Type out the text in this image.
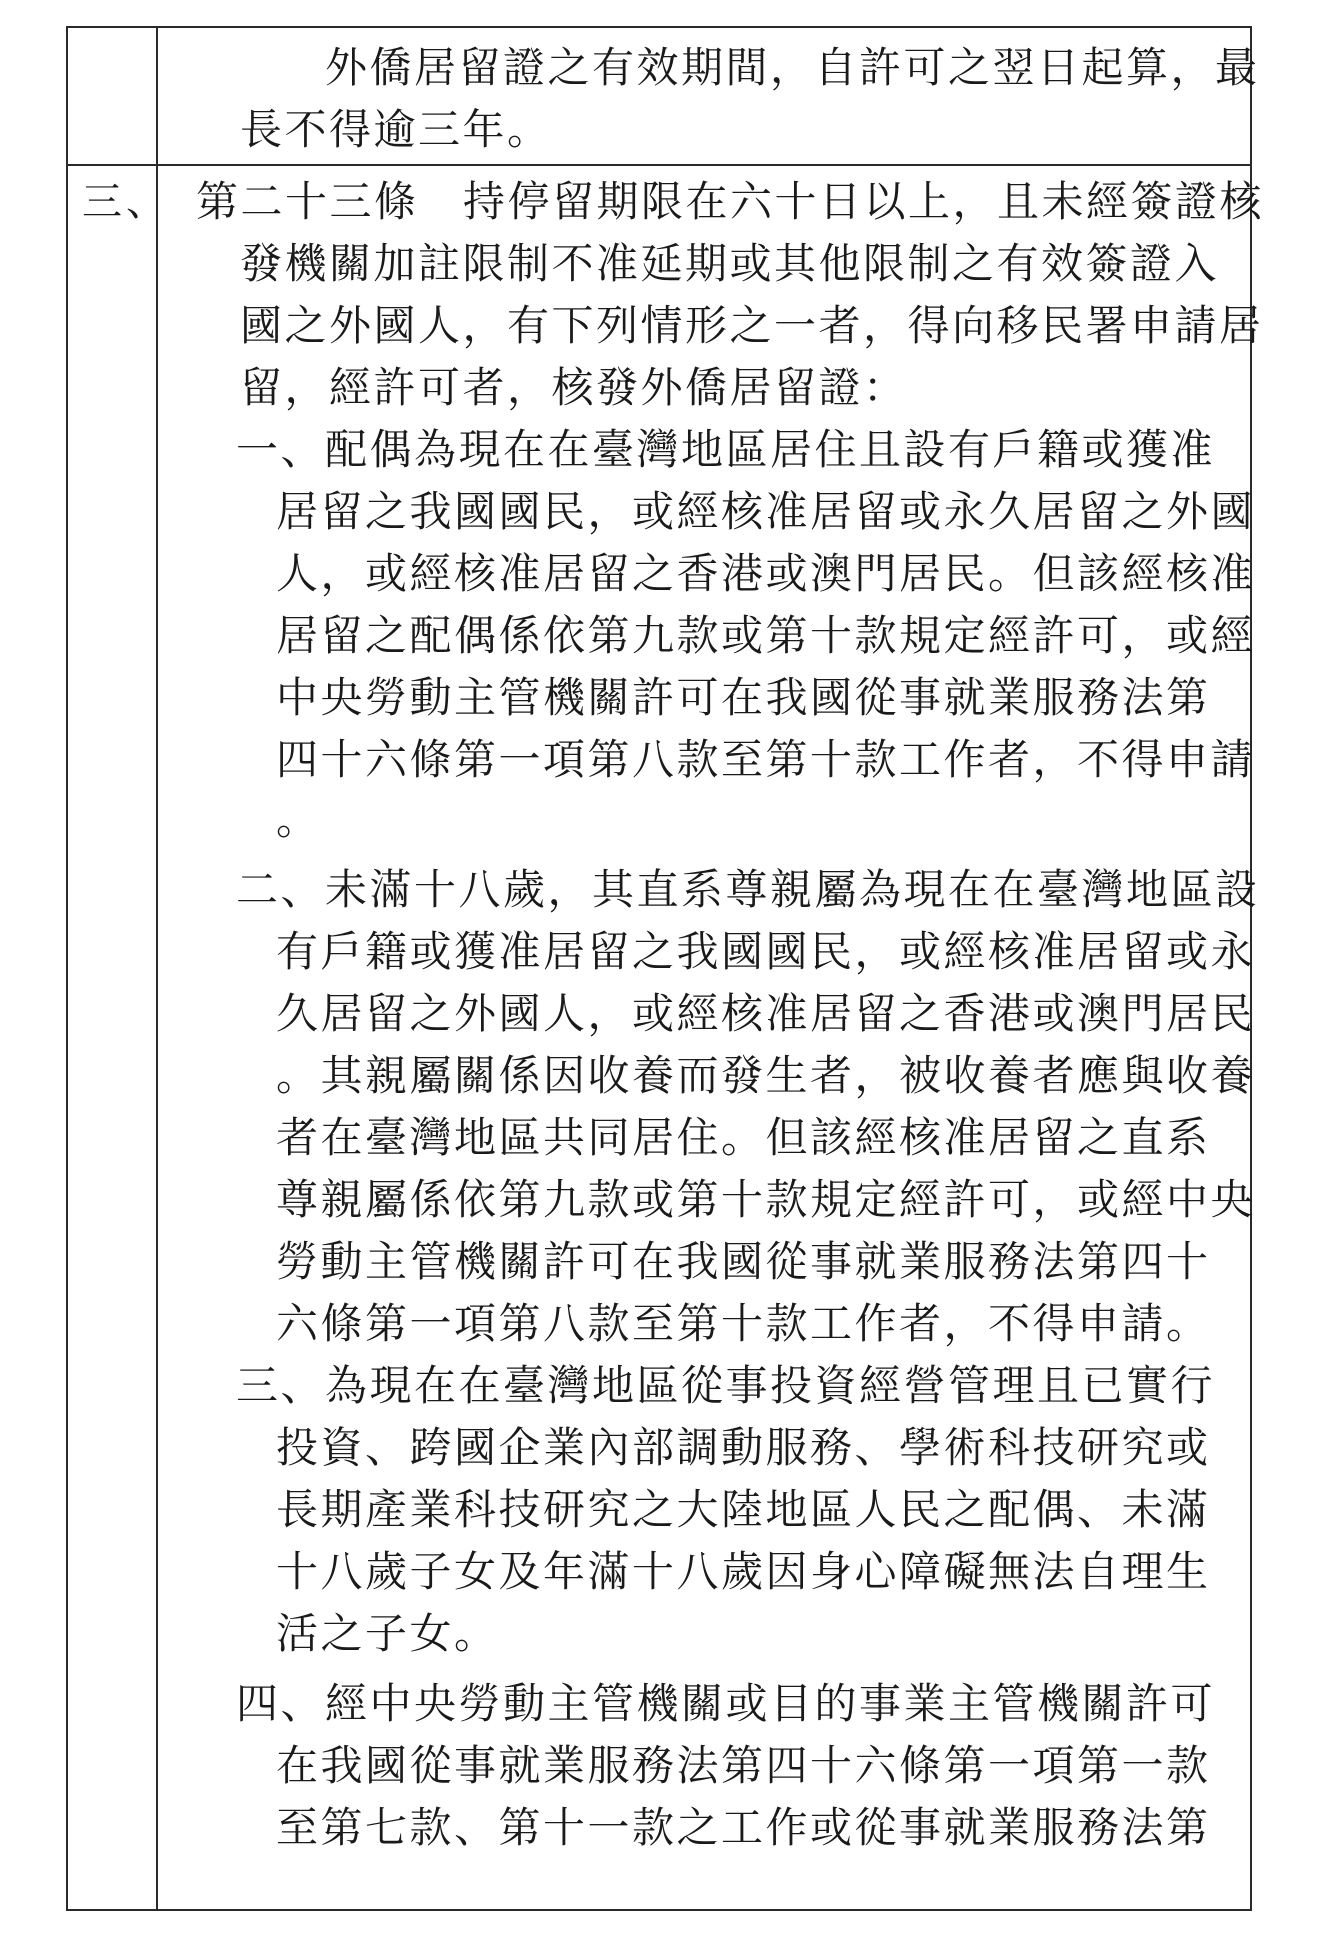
外僑居留證之有效期間，自許可之翌日起算，最
長不得逾三年。
三、 第二十三條　持停留期限在六十日以上，且未經簽證核
發機關加註限制不准延期或其他限制之有效簽證入
國之外國人，有下列情形之一者，得向移民署申請居
留，經許可者，核發外僑居留證：
一、配偶為現在在臺灣地區居住且設有戶籍或獲准
居留之我國國民，或經核准居留或永久居留之外國
人，或經核准居留之香港或澳門居民。但該經核准
居留之配偶係依第九款或第十款規定經許可，或經
中央勞動主管機關許可在我國從事就業服務法第
四十六條第一項第八款至第十款工作者，不得申請
。
二、未滿十八歲，其直系尊親屬為現在在臺灣地區設
有戶籍或獲准居留之我國國民，或經核准居留或永
久居留之外國人，或經核准居留之香港或澳門居民
。其親屬關係因收養而發生者，被收養者應與收養
者在臺灣地區共同居住。但該經核准居留之直系
尊親屬係依第九款或第十款規定經許可，或經中央
勞動主管機關許可在我國從事就業服務法第四十
六條第一項第八款至第十款工作者，不得申請。
三、為現在在臺灣地區從事投資經營管理且已實行
投資、跨國企業內部調動服務、學術科技研究或
長期產業科技研究之大陸地區人民之配偶、未滿
十八歲子女及年滿十八歲因身心障礙無法自理生
活之子女。
四、經中央勞動主管機關或目的事業主管機關許可
在我國從事就業服務法第四十六條第一項第一款
至第七款、第十一款之工作或從事就業服務法第
